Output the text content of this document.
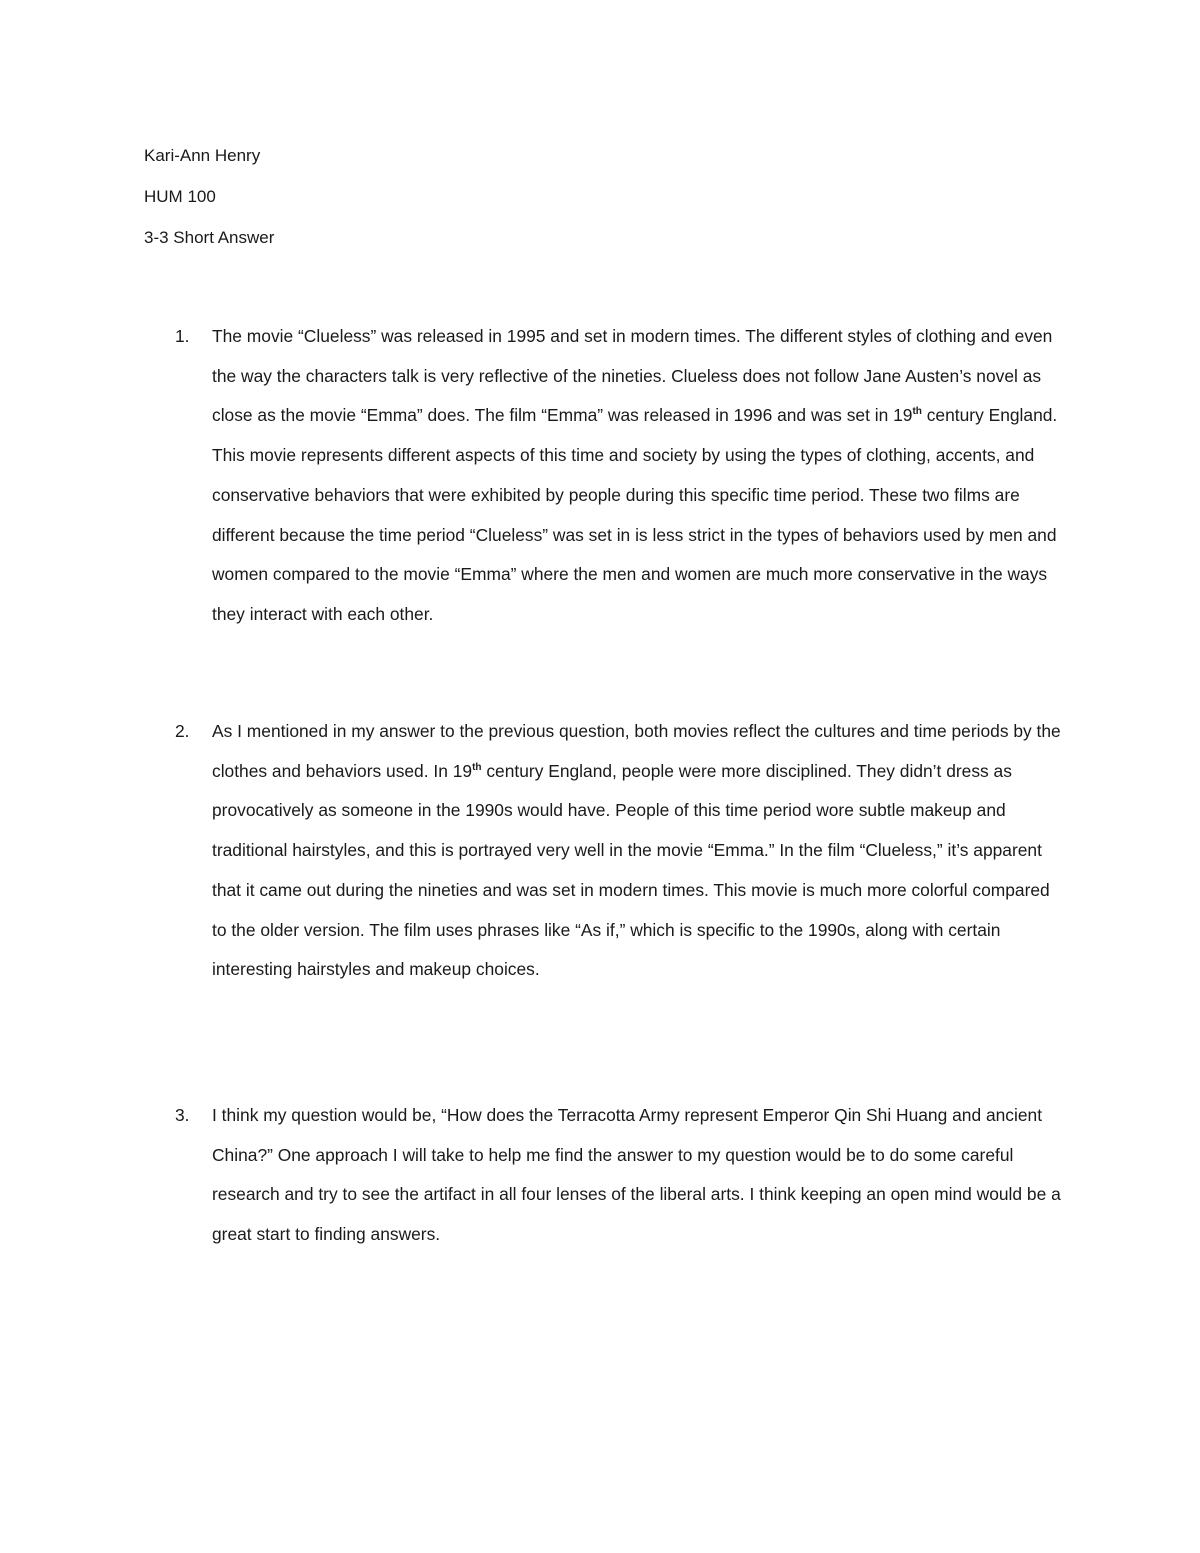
Kari-Ann Henry
HUM 100
3-3 Short Answer
1.	The movie “Clueless” was released in 1995 and set in modern times. The different styles of clothing and even the way the characters talk is very reflective of the nineties. Clueless does not follow Jane Austen’s novel as close as the movie “Emma” does. The film “Emma” was released in 1996 and was set in 19th century England. This movie represents different aspects of this time and society by using the types of clothing, accents, and conservative behaviors that were exhibited by people during this specific time period. These two films are different because the time period “Clueless” was set in is less strict in the types of behaviors used by men and women compared to the movie “Emma” where the men and women are much more conservative in the ways they interact with each other.
2.	As I mentioned in my answer to the previous question, both movies reflect the cultures and time periods by the clothes and behaviors used. In 19th century England, people were more disciplined. They didn’t dress as provocatively as someone in the 1990s would have. People of this time period wore subtle makeup and traditional hairstyles, and this is portrayed very well in the movie “Emma.” In the film “Clueless,” it’s apparent that it came out during the nineties and was set in modern times. This movie is much more colorful compared to the older version. The film uses phrases like “As if,” which is specific to the 1990s, along with certain interesting hairstyles and makeup choices.
3.	I think my question would be, “How does the Terracotta Army represent Emperor Qin Shi Huang and ancient China?” One approach I will take to help me find the answer to my question would be to do some careful research and try to see the artifact in all four lenses of the liberal arts. I think keeping an open mind would be a great start to finding answers.
